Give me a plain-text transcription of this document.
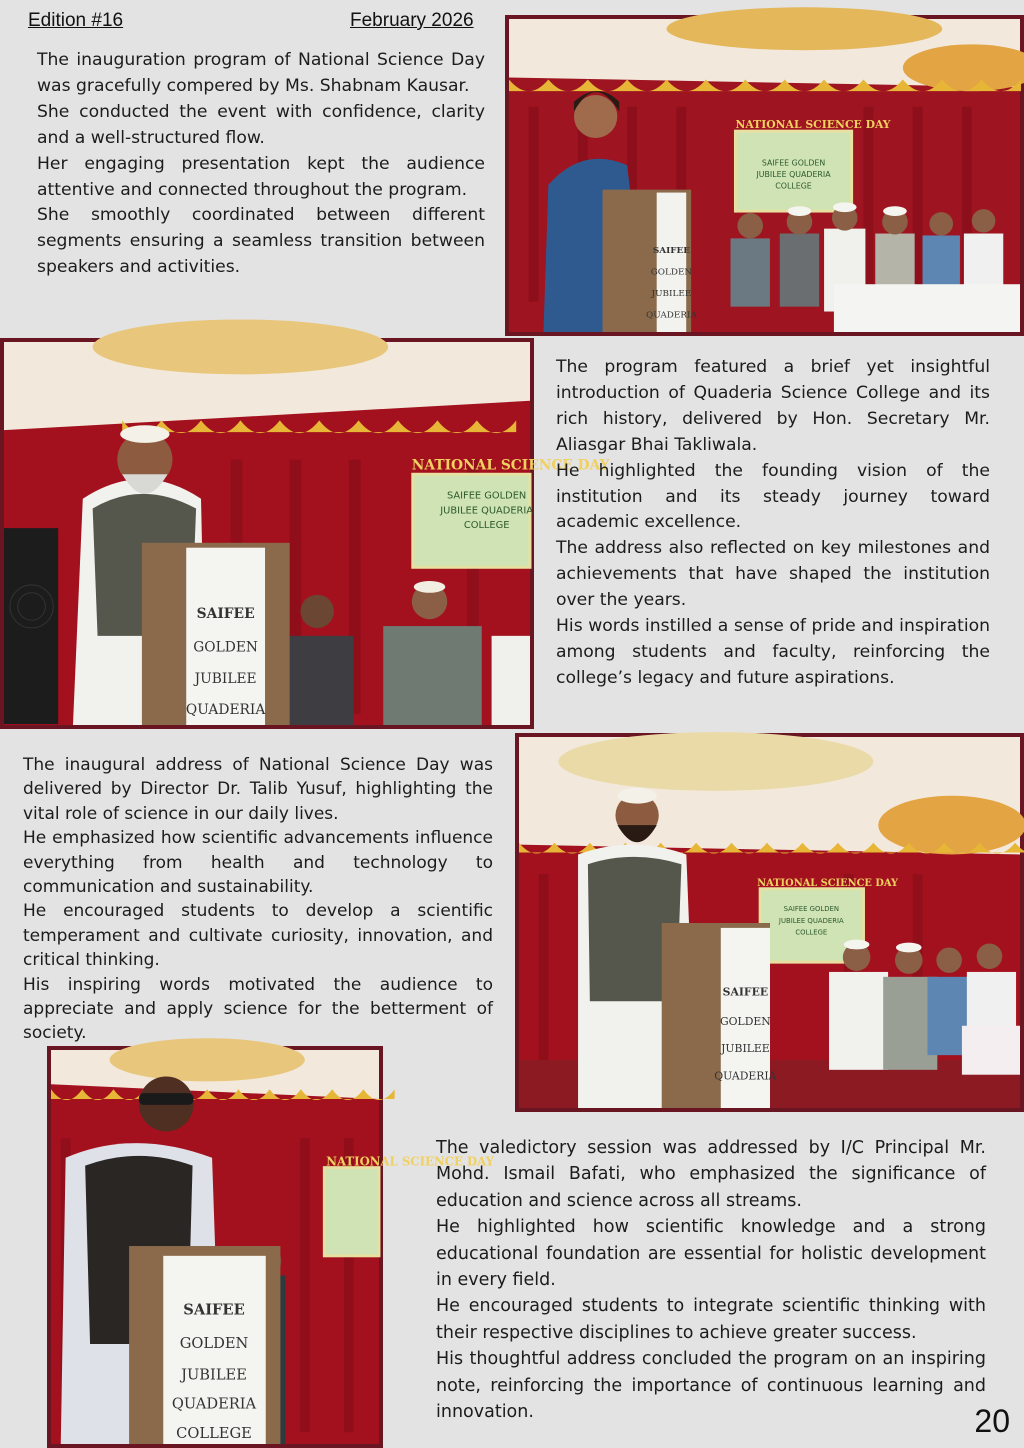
Edition #16	February 2026

The inauguration program of National Science Day was gracefully compered by Ms. Shabnam Kausar.

She conducted the event with confidence, clarity and a well-structured flow.

Her engaging presentation kept the audience attentive and connected throughout the program.

She smoothly coordinated between different segments ensuring a seamless transition between speakers and activities.

NATIONAL SCIENCE DAY
SAIFEE GOLDEN
JUBILEE QUADERIA
COLLEGE
SAIFEE
GOLDEN
JUBILEE
QUADERIA
NATIONAL SCIENCE DAY
SAIFEE GOLDEN
JUBILEE QUADERIA
COLLEGE
SAIFEE
GOLDEN
JUBILEE
QUADERIA

The program featured a brief yet insightful introduction of Quaderia Science College and its rich history, delivered by Hon. Secretary Mr. Aliasgar Bhai Takliwala.

He highlighted the founding vision of the institution and its steady journey toward academic excellence.

The address also reflected on key milestones and achievements that have shaped the institution over the years.

His words instilled a sense of pride and inspiration among students and faculty, reinforcing the college’s legacy and future aspirations.

The inaugural address of National Science Day was delivered by Director Dr. Talib Yusuf, highlighting the vital role of science in our daily lives.

He emphasized how scientific advancements influence everything from health and technology to communication and sustainability.

He encouraged students to develop a scientific temperament and cultivate curiosity, innovation, and critical thinking.

His inspiring words motivated the audience to appreciate and apply science for the betterment of society.

NATIONAL SCIENCE DAY
SAIFEE GOLDEN
JUBILEE QUADERIA
COLLEGE
SAIFEE
GOLDEN
JUBILEE
QUADERIA
NATIONAL SCIENCE DAY
SAIFEE
GOLDEN
JUBILEE
QUADERIA
COLLEGE

The valedictory session was addressed by I/C Principal Mr. Mohd. Ismail Bafati, who emphasized the significance of education and science across all streams.

He highlighted how scientific knowledge and a strong educational foundation are essential for holistic development in every field.

He encouraged students to integrate scientific thinking with their respective disciplines to achieve greater success.

His thoughtful address concluded the program on an inspiring note, reinforcing the importance of continuous learning and innovation.	20
